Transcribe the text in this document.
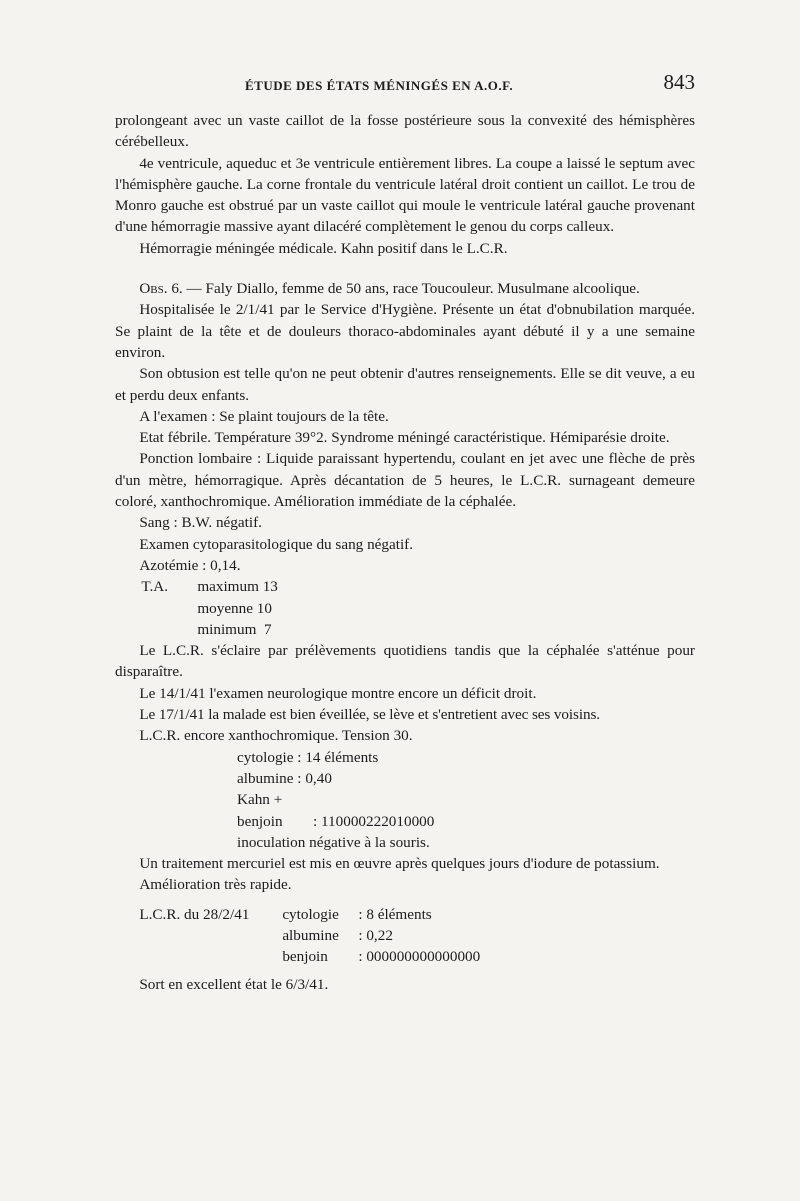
ÉTUDE DES ÉTATS MÉNINGÉS EN A.O.F.	843

prolongeant avec un vaste caillot de la fosse postérieure sous la convexité des hémisphères cérébelleux.

4e ventricule, aqueduc et 3e ventricule entièrement libres. La coupe a laissé le septum avec l'hémisphère gauche. La corne frontale du ventricule latéral droit contient un caillot. Le trou de Monro gauche est obstrué par un vaste caillot qui moule le ventricule latéral gauche provenant d'une hémorragie massive ayant dilacéré complètement le genou du corps calleux.

Hémorragie méningée médicale. Kahn positif dans le L.C.R.

Obs. 6. — Faly Diallo, femme de 50 ans, race Toucouleur. Musulmane alcoolique.

Hospitalisée le 2/1/41 par le Service d'Hygiène. Présente un état d'obnubilation marquée. Se plaint de la tête et de douleurs thoraco-abdominales ayant débuté il y a une semaine environ.

Son obtusion est telle qu'on ne peut obtenir d'autres renseignements. Elle se dit veuve, a eu et perdu deux enfants.

A l'examen : Se plaint toujours de la tête.

Etat fébrile. Température 39°2. Syndrome méningé caractéristique. Hémiparésie droite.

Ponction lombaire : Liquide paraissant hypertendu, coulant en jet avec une flèche de près d'un mètre, hémorragique. Après décantation de 5 heures, le L.C.R. surnageant demeure coloré, xanthochromique. Amélioration immédiate de la céphalée.

Sang : B.W. négatif.

Examen cytoparasitologique du sang négatif.

Azotémie : 0,14.

T.A.	maximum 13
moyenne 10
minimum  7

Le L.C.R. s'éclaire par prélèvements quotidiens tandis que la céphalée s'atténue pour disparaître.

Le 14/1/41 l'examen neurologique montre encore un déficit droit.

Le 17/1/41 la malade est bien éveillée, se lève et s'entretient avec ses voisins.

L.C.R. encore xanthochromique. Tension 30.

cytologie : 14 éléments
albumine : 0,40
Kahn +
benjoin	: 110000222010000
inoculation négative à la souris.

Un traitement mercuriel est mis en œuvre après quelques jours d'iodure de potassium.

Amélioration très rapide.

L.C.R. du 28/2/41	cytologie	: 8 éléments
albumine	: 0,22
benjoin	: 000000000000000

Sort en excellent état le 6/3/41.
